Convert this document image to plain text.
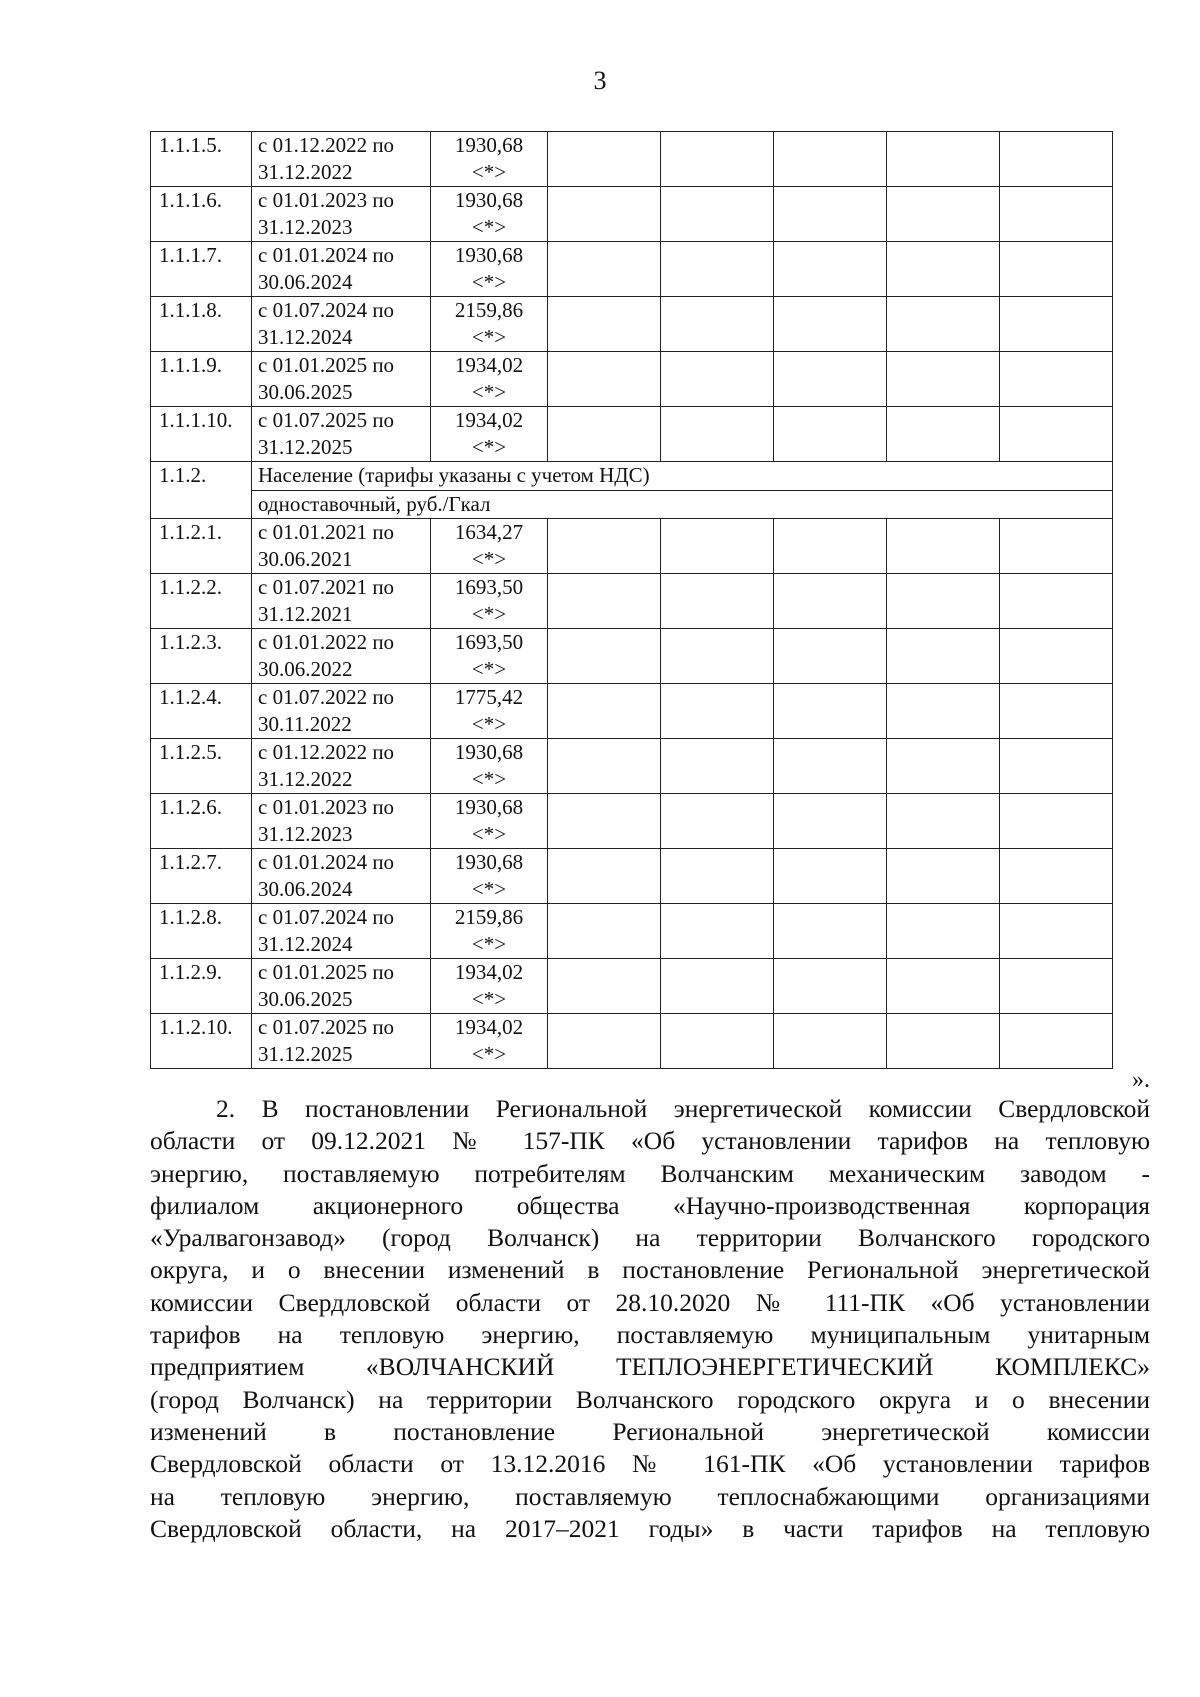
3
1.1.1.5.	с 01.12.2022 по
31.12.2022	1930,68
<*>					

1.1.1.6.	с 01.01.2023 по
31.12.2023	1930,68
<*>					

1.1.1.7.	с 01.01.2024 по
30.06.2024	1930,68
<*>					

1.1.1.8.	с 01.07.2024 по
31.12.2024	2159,86
<*>					

1.1.1.9.	с 01.01.2025 по
30.06.2025	1934,02
<*>					

1.1.1.10.	с 01.07.2025 по
31.12.2025	1934,02
<*>					

1.1.2.	Население (тарифы указаны с учетом НДС)						
	одноставочный, руб./Гкал						

1.1.2.1.	с 01.01.2021 по
30.06.2021	1634,27
<*>					

1.1.2.2.	с 01.07.2021 по
31.12.2021	1693,50
<*>					

1.1.2.3.	с 01.01.2022 по
30.06.2022	1693,50
<*>					

1.1.2.4.	с 01.07.2022 по
30.11.2022	1775,42
<*>					

1.1.2.5.	с 01.12.2022 по
31.12.2022	1930,68
<*>					

1.1.2.6.	с 01.01.2023 по
31.12.2023	1930,68
<*>					

1.1.2.7.	с 01.01.2024 по
30.06.2024	1930,68
<*>					

1.1.2.8.	с 01.07.2024 по
31.12.2024	2159,86
<*>					

1.1.2.9.	с 01.01.2025 по
30.06.2025	1934,02
<*>					

1.1.2.10.	с 01.07.2025 по
31.12.2025	1934,02
<*>					

».

2. В постановлении Региональной энергетической комиссии Свердловской

области от 09.12.2021 № 157-ПК «Об установлении тарифов на тепловую

энергию, поставляемую потребителям Волчанским механическим заводом -

филиалом акционерного общества «Научно-производственная корпорация

«Уралвагонзавод» (город Волчанск) на территории Волчанского городского

округа, и о внесении изменений в постановление Региональной энергетической

комиссии Свердловской области от 28.10.2020 № 111-ПК «Об установлении

тарифов на тепловую энергию, поставляемую муниципальным унитарным

предприятием «ВОЛЧАНСКИЙ ТЕПЛОЭНЕРГЕТИЧЕСКИЙ КОМПЛЕКС»

(город Волчанск) на территории Волчанского городского округа и о внесении

изменений в постановление Региональной энергетической комиссии

Свердловской области от 13.12.2016 № 161-ПК «Об установлении тарифов

на тепловую энергию, поставляемую теплоснабжающими организациями

Свердловской области, на 2017–2021 годы» в части тарифов на тепловую
